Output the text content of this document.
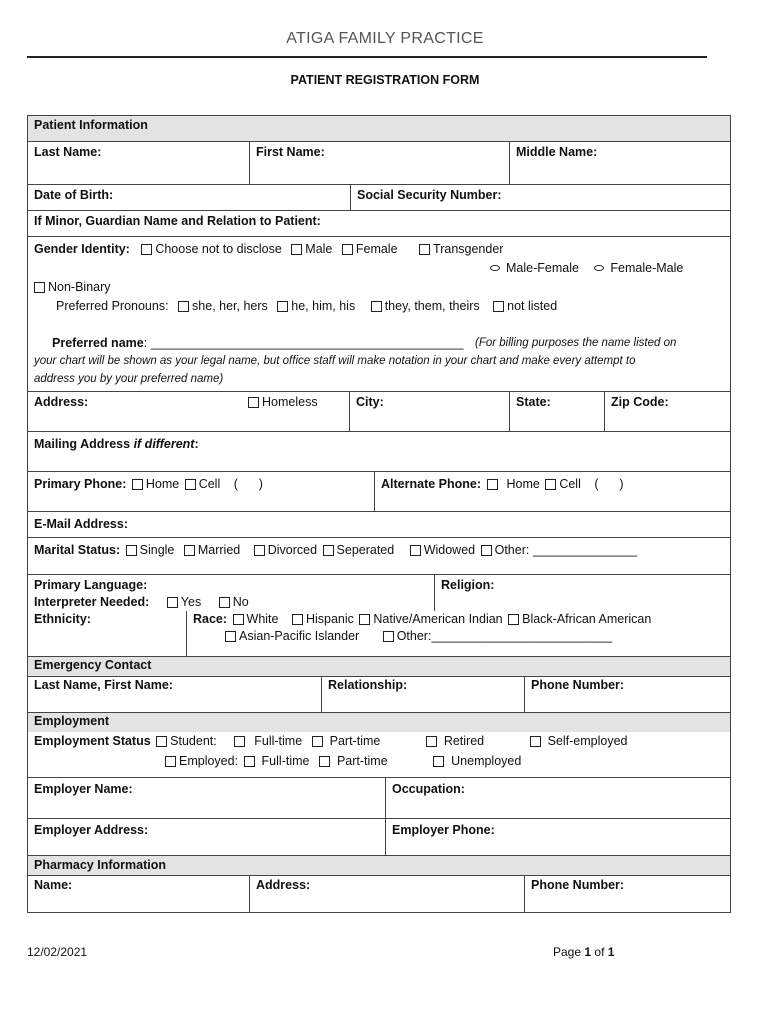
ATIGA FAMILY PRACTICE
PATIENT REGISTRATION FORM
Patient Information
Last Name:	First Name:	Middle Name:
Date of Birth:	Social Security Number:
If Minor, Guardian Name and Relation to Patient:
Gender Identity: Choose not to disclose Male Female	Transgender
Male-Female	Female-Male
Non-Binary
Preferred Pronouns: she, her, hers he, him, his they, them, theirs not listed
Preferred name: _____________________________________________ (For billing purposes the name listed on
your chart will be shown as your legal name, but office staff will make notation in your chart and make every attempt to
address you by your preferred name)
Address:	Homeless	City:	State:	Zip Code:
Mailing Address if different:
Primary Phone: Home Cell (      )	Alternate Phone: Home Cell (      )
E-Mail Address:
Marital Status: Single Married Divorced Seperated Widowed Other: _______________
Primary Language:
Interpreter Needed:	Yes	No
Religion:
Ethnicity:	Race: White Hispanic Native/American Indian Black-African American
Asian-Pacific Islander	Other:__________________________
Emergency Contact
Last Name, First Name:	Relationship:	Phone Number:
Employment
Employment Status Student:	Full-time Part-time	Retired	Self-employed
Employed: Full-time Part-time	Unemployed
Employer Name:	Occupation:
Employer Address:	Employer Phone:
Pharmacy Information
Name:	Address:	Phone Number:
12/02/2021	Page 1 of 1
